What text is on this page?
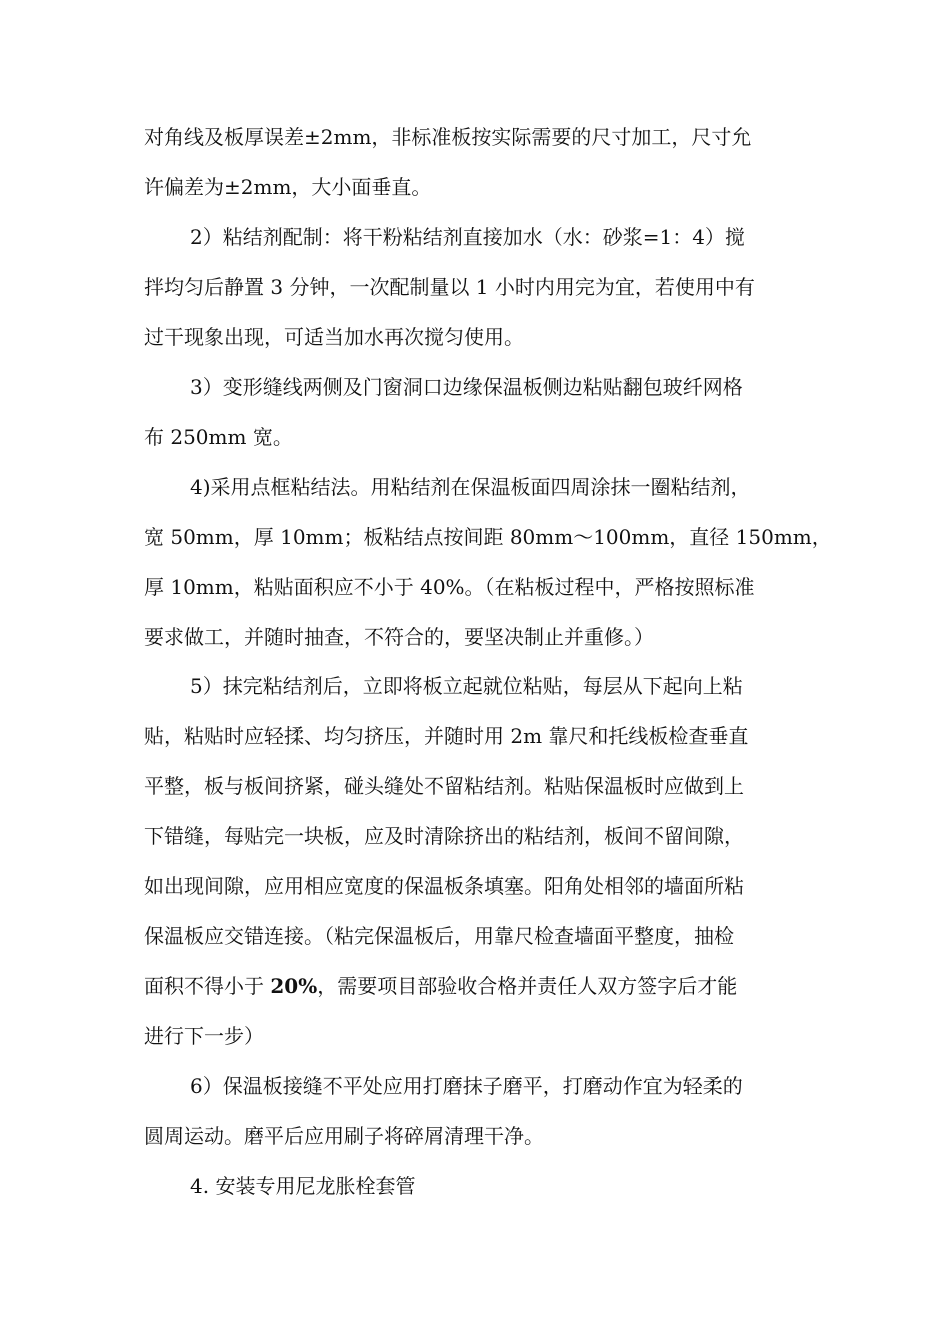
对角线及板厚误差±2mm，非标准板按实际需要的尺寸加工，尺寸允
许偏差为±2mm，大小面垂直。
2）粘结剂配制：将干粉粘结剂直接加水（水：砂浆=1：4）搅
拌均匀后静置 3 分钟，一次配制量以 1 小时内用完为宜，若使用中有
过干现象出现，可适当加水再次搅匀使用。
3）变形缝线两侧及门窗洞口边缘保温板侧边粘贴翻包玻纤网格
布 250mm 宽。
4)采用点框粘结法。用粘结剂在保温板面四周涂抹一圈粘结剂，
宽 50mm，厚 10mm；板粘结点按间距 80mm～100mm，直径 150mm，
厚 10mm，粘贴面积应不小于 40%。（在粘板过程中，严格按照标准
要求做工，并随时抽查，不符合的，要坚决制止并重修。）
5）抹完粘结剂后，立即将板立起就位粘贴，每层从下起向上粘
贴，粘贴时应轻揉、均匀挤压，并随时用 2m 靠尺和托线板检查垂直
平整，板与板间挤紧，碰头缝处不留粘结剂。粘贴保温板时应做到上
下错缝，每贴完一块板，应及时清除挤出的粘结剂，板间不留间隙，
如出现间隙，应用相应宽度的保温板条填塞。阳角处相邻的墙面所粘
保温板应交错连接。（粘完保温板后，用靠尺检查墙面平整度，抽检
面积不得小于 20%，需要项目部验收合格并责任人双方签字后才能
进行下一步）
6）保温板接缝不平处应用打磨抹子磨平，打磨动作宜为轻柔的
圆周运动。磨平后应用刷子将碎屑清理干净。
4. 安装专用尼龙胀栓套管
